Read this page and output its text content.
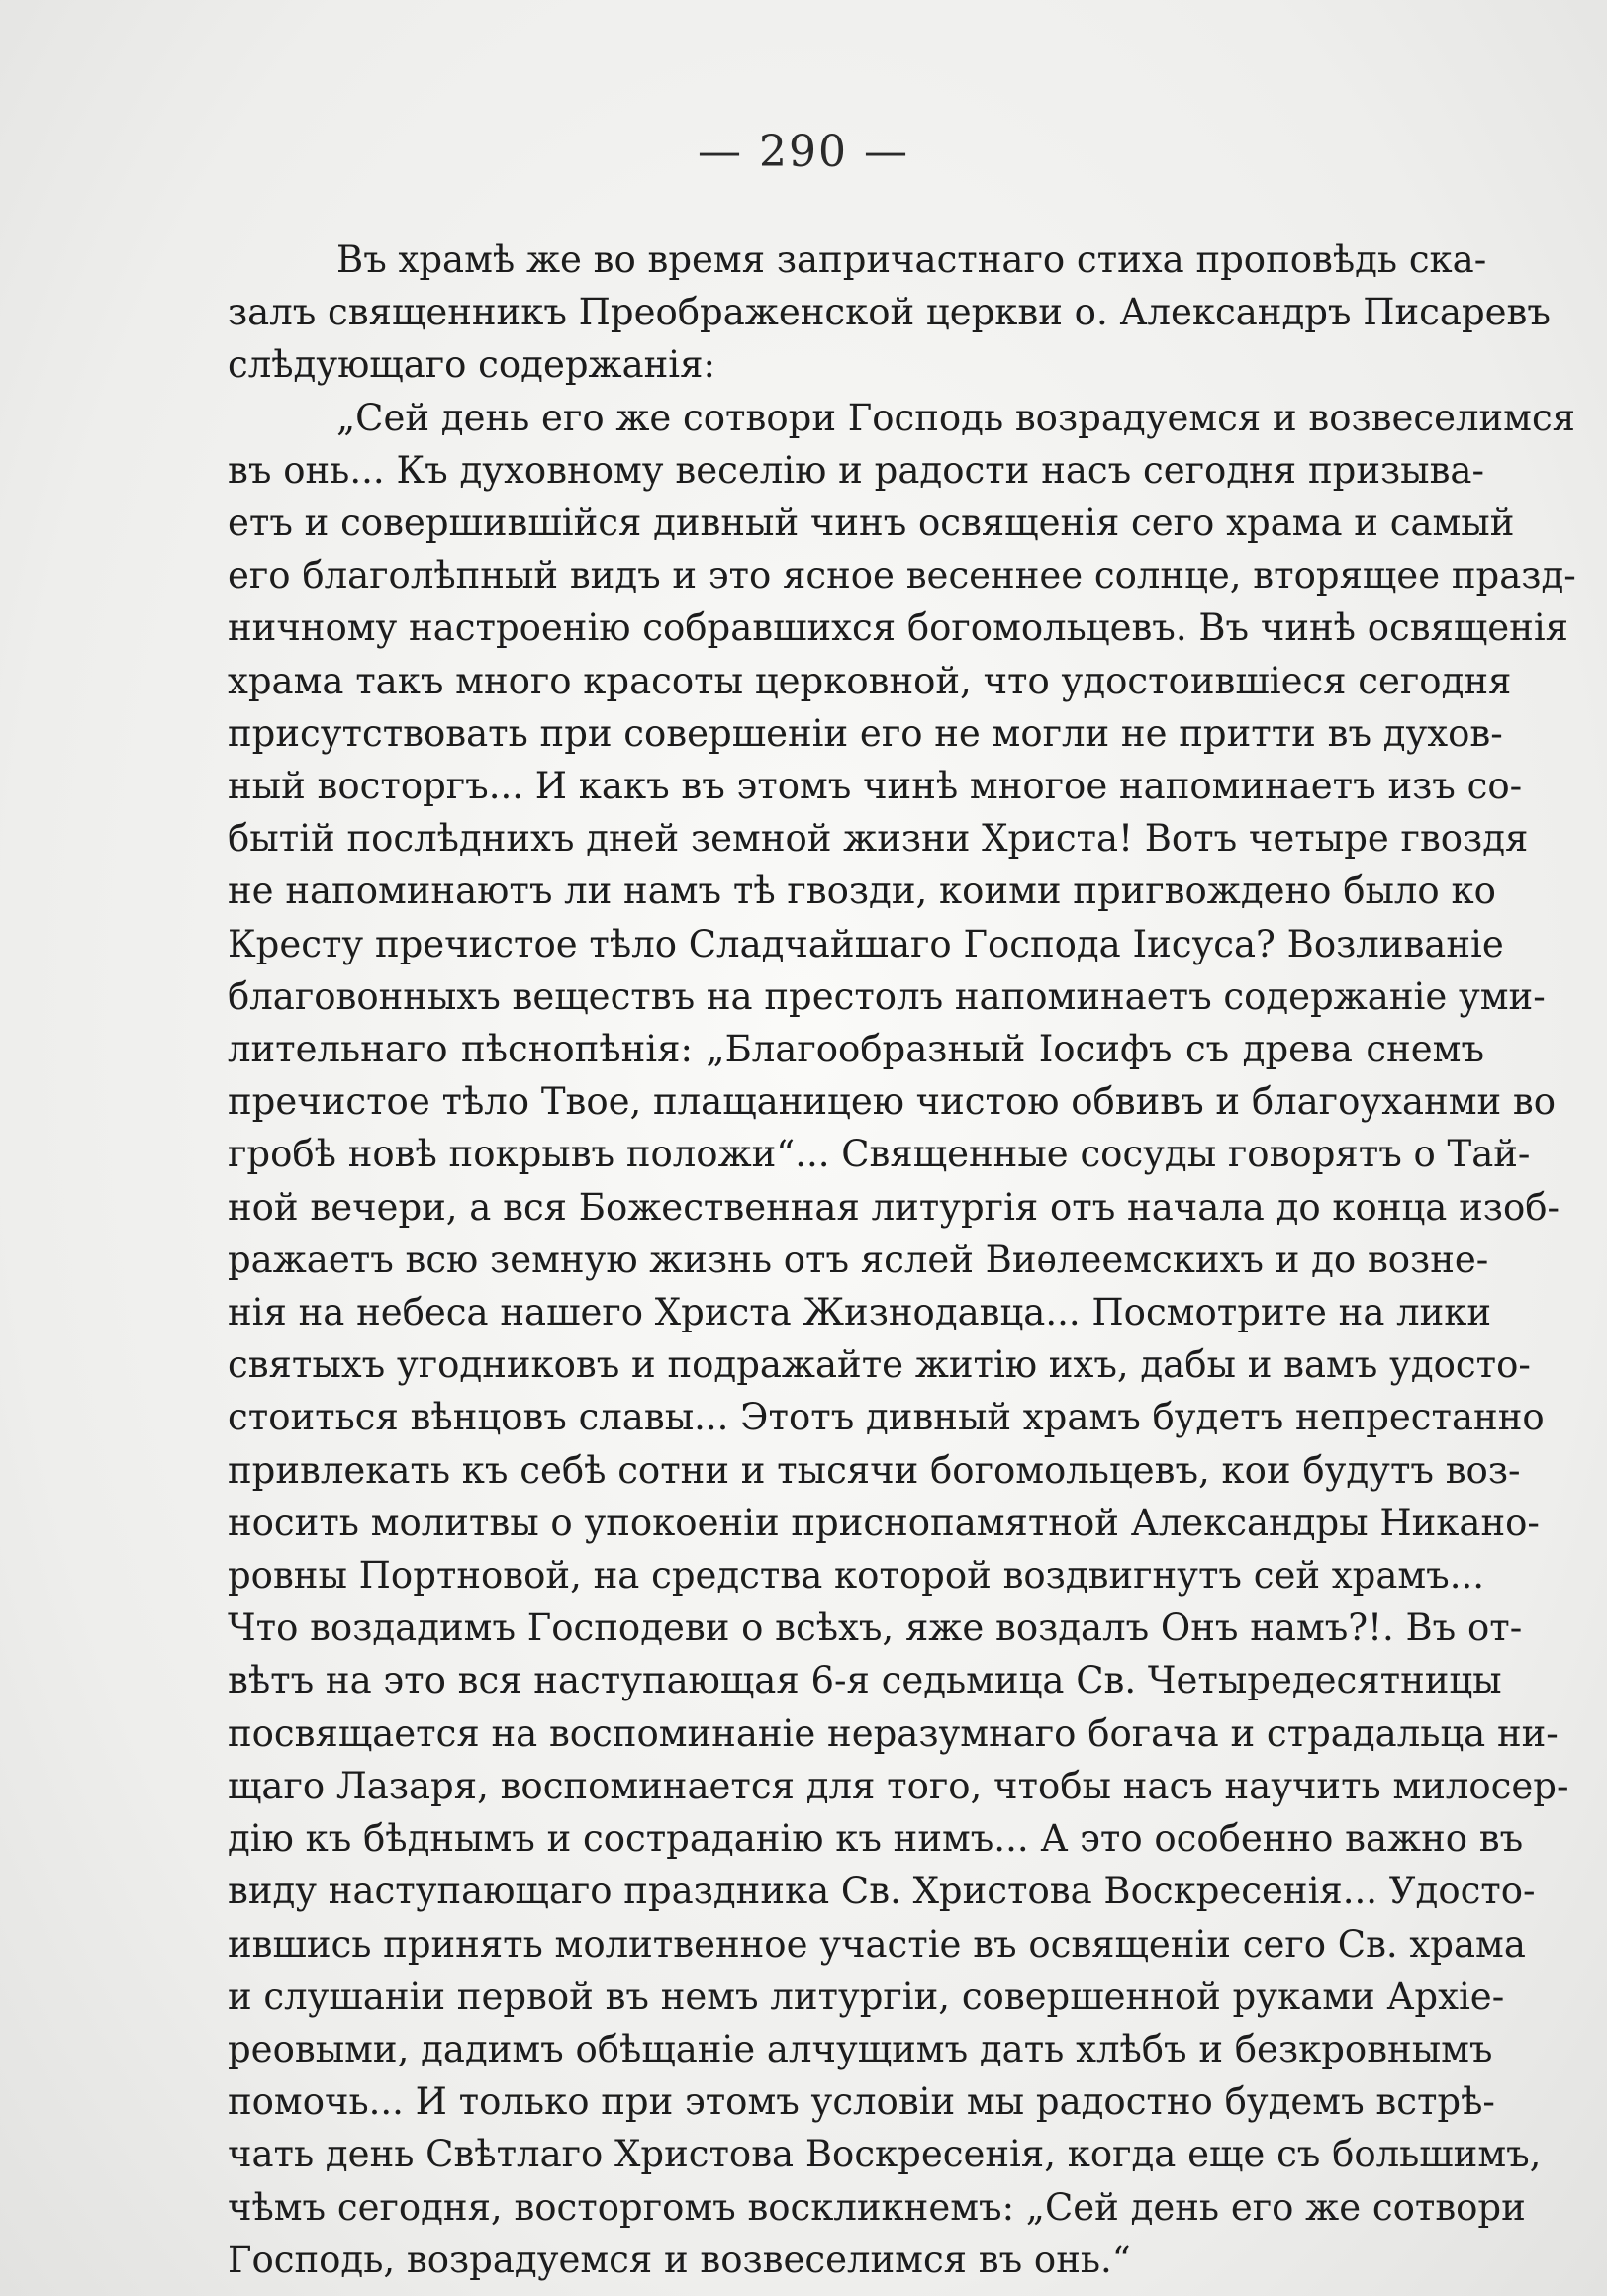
— 290 —
Въ храмѣ же во время запричастнаго стиха проповѣдь ска-
залъ священникъ Преображенской церкви о. Александръ Писаревъ
слѣдующаго содержанія:
„Сей день его же сотвори Господь возрадуемся и возвеселимся
въ онь... Къ духовному веселію и радости насъ сегодня призыва-
етъ и совершившійся дивный чинъ освященія сего храма и самый
его благолѣпный видъ и это ясное весеннее солнце, вторящее празд-
ничному настроенію собравшихся богомольцевъ. Въ чинѣ освященія
храма такъ много красоты церковной, что удостоившіеся сегодня
присутствовать при совершеніи его не могли не притти въ духов-
ный восторгъ... И какъ въ этомъ чинѣ многое напоминаетъ изъ со-
бытій послѣднихъ дней земной жизни Христа! Вотъ четыре гвоздя
не напоминаютъ ли намъ тѣ гвозди, коими пригвождено было ко
Кресту пречистое тѣло Сладчайшаго Господа Іисуса? Возливаніе
благовонныхъ веществъ на престолъ напоминаетъ содержаніе уми-
лительнаго пѣснопѣнія: „Благообразный Іосифъ съ древа снемъ
пречистое тѣло Твое, плащаницею чистою обвивъ и благоуханми во
гробѣ новѣ покрывъ положи“... Священные сосуды говорятъ о Тай-
ной вечери, а вся Божественная литургія отъ начала до конца изоб-
ражаетъ всю земную жизнь отъ яслей Виѳлеемскихъ и до возне-
нія на небеса нашего Христа Жизнодавца... Посмотрите на лики
святыхъ угодниковъ и подражайте житію ихъ, дабы и вамъ удосто-
стоиться вѣнцовъ славы... Этотъ дивный храмъ будетъ непрестанно
привлекать къ себѣ сотни и тысячи богомольцевъ, кои будутъ воз-
носить молитвы о упокоеніи приснопамятной Александры Никано-
ровны Портновой, на средства которой воздвигнутъ сей храмъ...
Что воздадимъ Господеви о всѣхъ, яже воздалъ Онъ намъ?!. Въ от-
вѣтъ на это вся наступающая 6-я седьмица Св. Четыредесятницы
посвящается на воспоминаніе неразумнаго богача и страдальца ни-
щаго Лазаря, воспоминается для того, чтобы насъ научить милосер-
дію къ бѣднымъ и состраданію къ нимъ... А это особенно важно въ
виду наступающаго праздника Св. Христова Воскресенія... Удосто-
ившись принять молитвенное участіе въ освященіи сего Св. храма
и слушаніи первой въ немъ литургіи, совершенной руками Архіе-
реовыми, дадимъ обѣщаніе алчущимъ дать хлѣбъ и безкровнымъ
помочь... И только при этомъ условіи мы радостно будемъ встрѣ-
чать день Свѣтлаго Христова Воскресенія, когда еще съ большимъ,
чѣмъ сегодня, восторгомъ воскликнемъ: „Сей день его же сотвори
Господь, возрадуемся и возвеселимся въ онь.“
